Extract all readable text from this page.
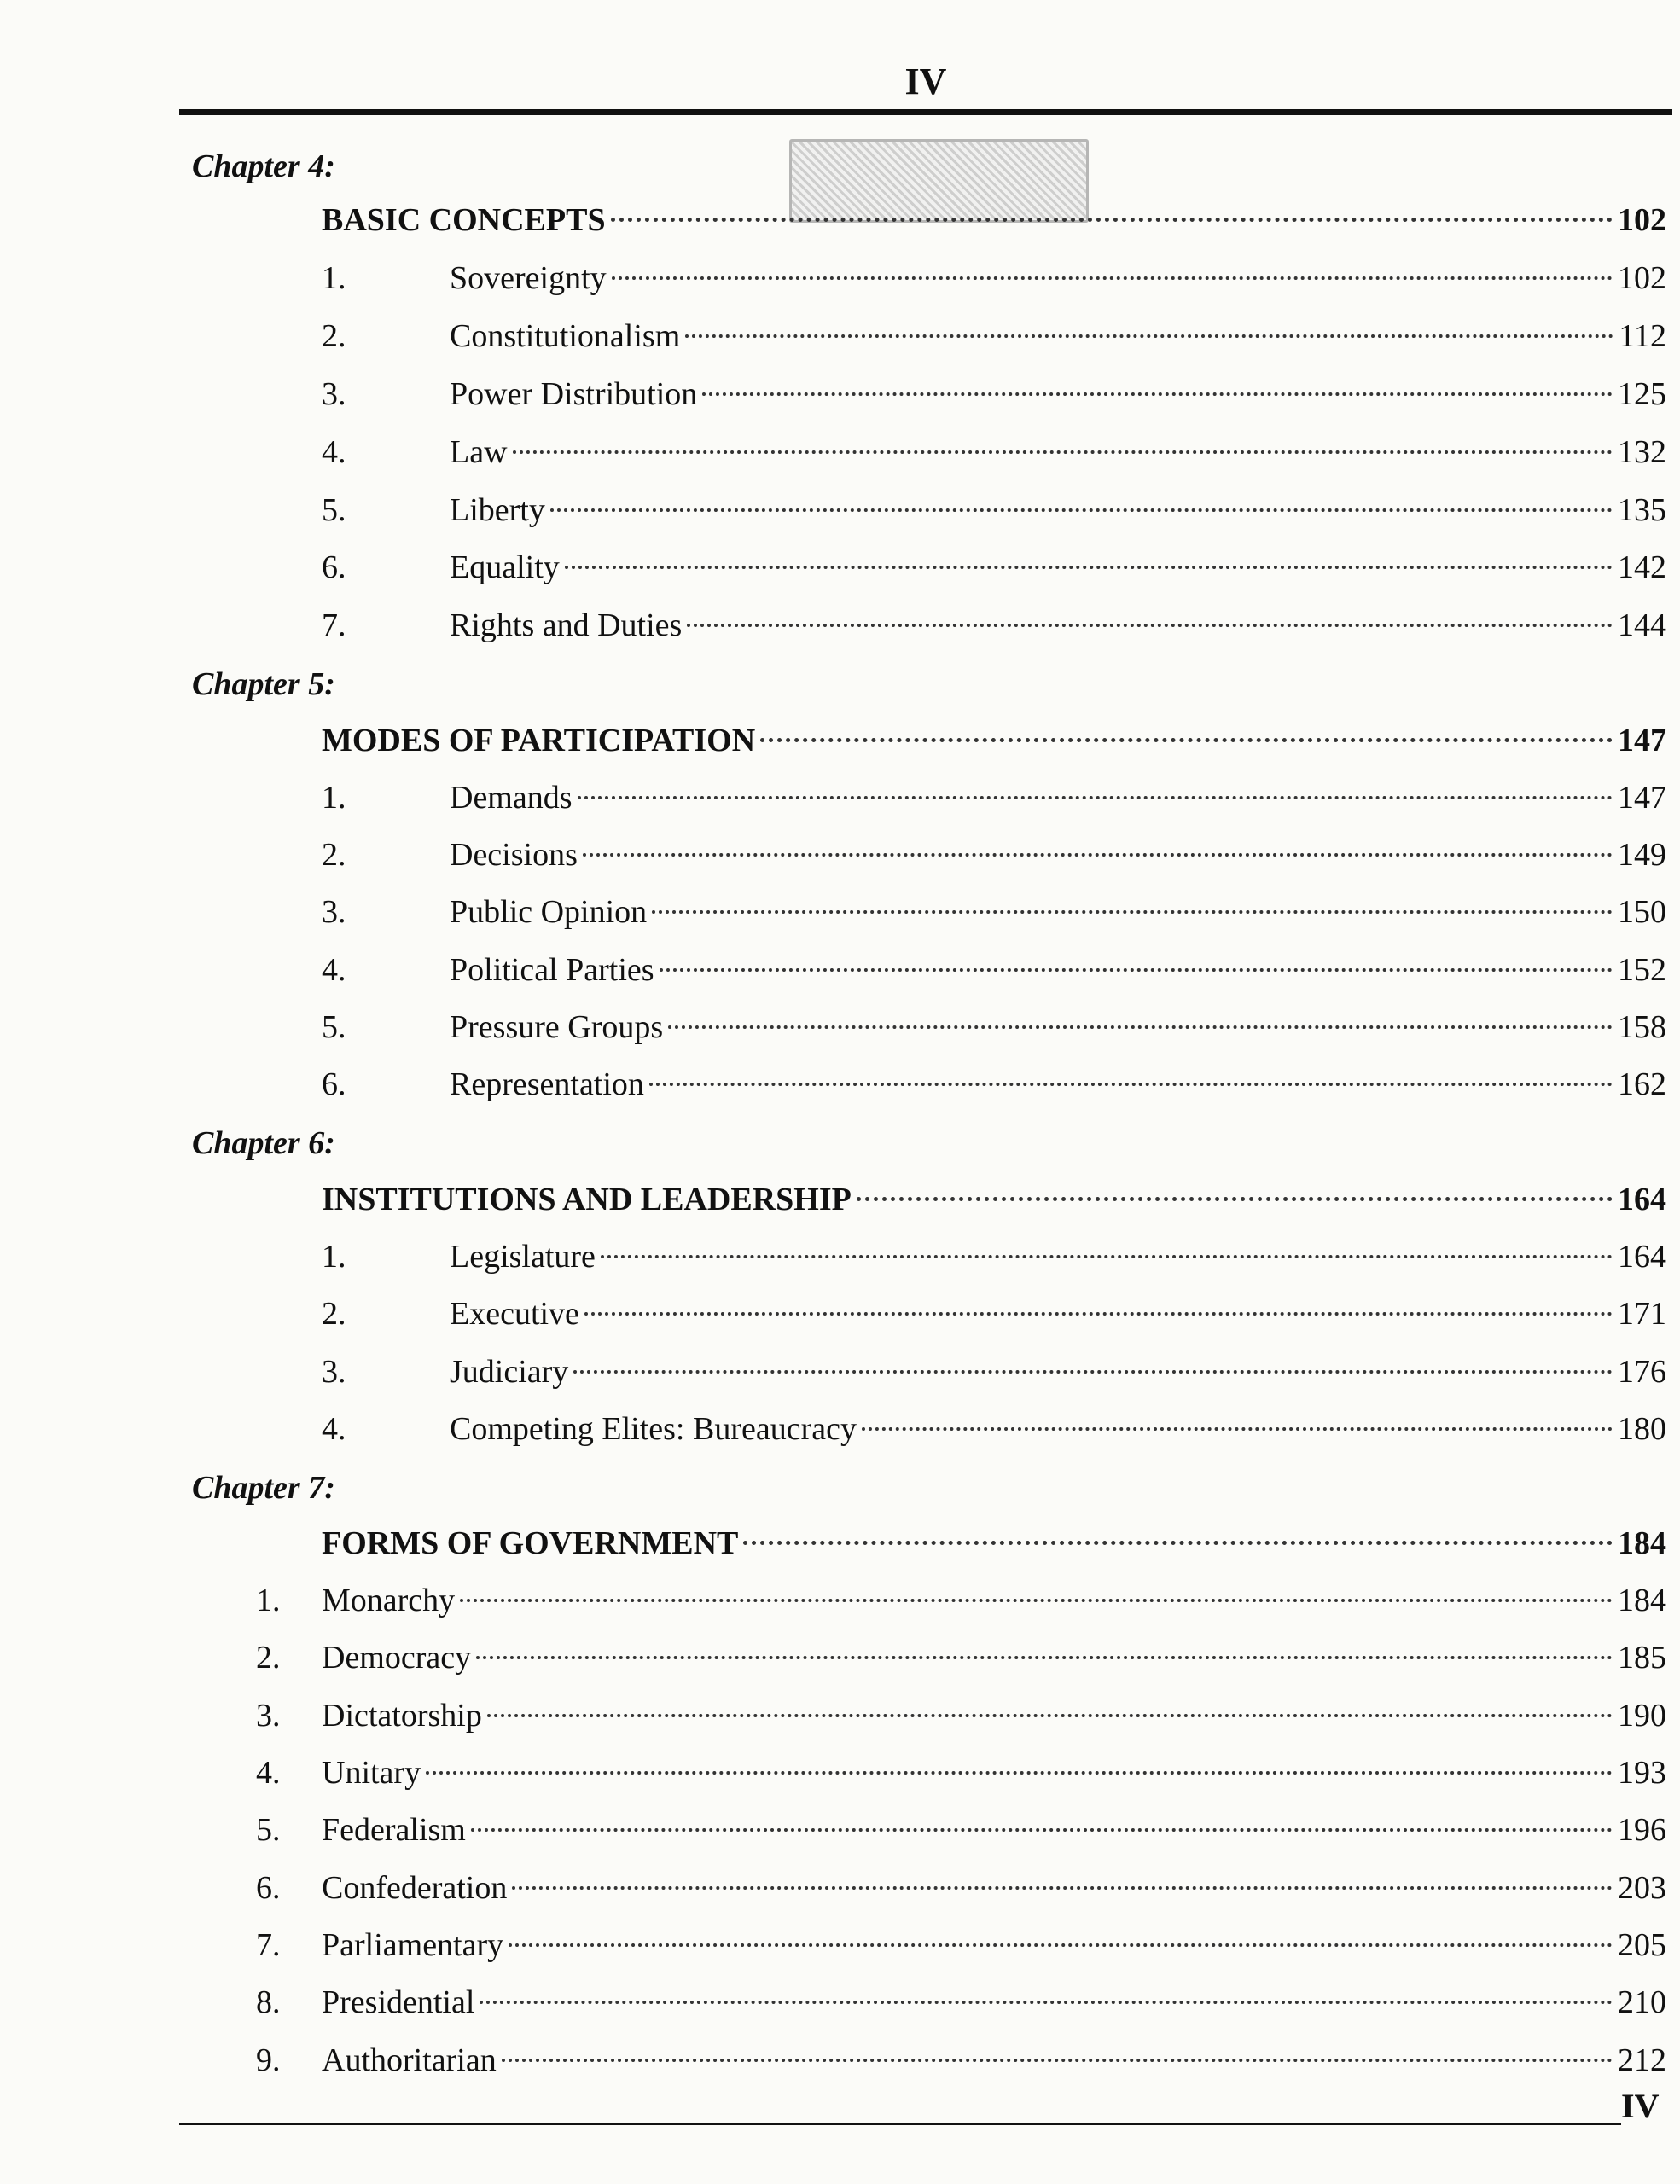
IV
Chapter 4:
BASIC CONCEPTS	102
1.	Sovereignty	102
2.	Constitutionalism	112
3.	Power Distribution	125
4.	Law	132
5.	Liberty	135
6.	Equality	142
7.	Rights and Duties	144
Chapter 5:
MODES OF PARTICIPATION	147
1.	Demands	147
2.	Decisions	149
3.	Public Opinion	150
4.	Political Parties	152
5.	Pressure Groups	158
6.	Representation	162
Chapter 6:
INSTITUTIONS AND LEADERSHIP	164
1.	Legislature	164
2.	Executive	171
3.	Judiciary	176
4.	Competing Elites: Bureaucracy	180
Chapter 7:
FORMS OF GOVERNMENT	184
1.	Monarchy	184
2.	Democracy	185
3.	Dictatorship	190
4.	Unitary	193
5.	Federalism	196
6.	Confederation	203
7.	Parliamentary	205
8.	Presidential	210
9.	Authoritarian	212
IV
